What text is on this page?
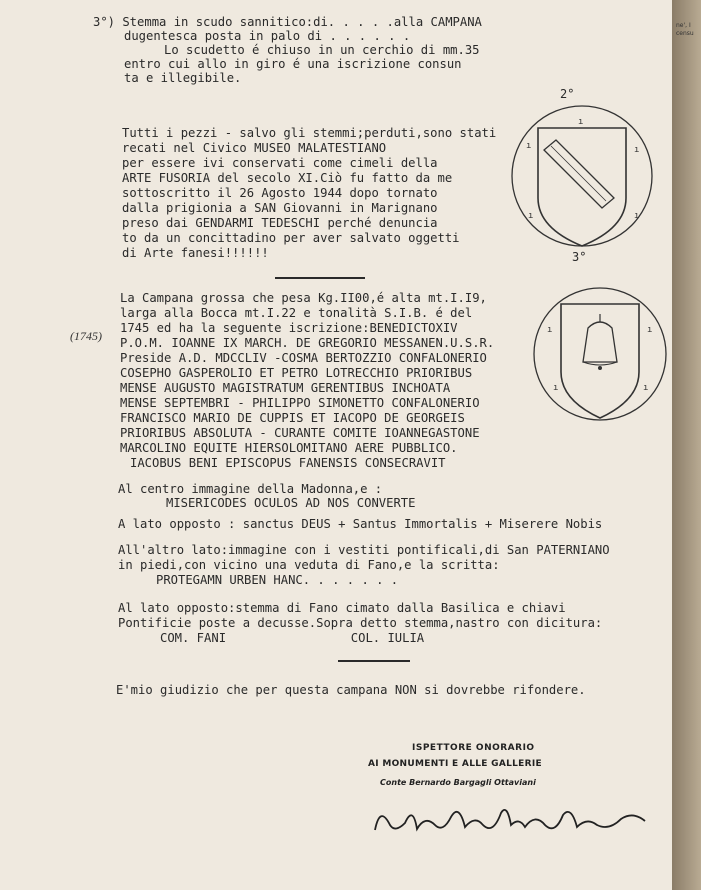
ne', I censu
3°) Stemma in scudo sannitico:di. . . . .alla CAMPANA
dugentesca posta in palo di . . . . . .
Lo scudetto é chiuso in un cerchio di mm.35
entro cui allo in giro é una iscrizione consun
ta e illegibile.
Tutti i pezzi - salvo gli stemmi;perduti,sono stati
recati nel Civico MUSEO MALATESTIANO
per essere ivi conservati come cimeli della
ARTE FUSORIA del secolo XI.Ciò fu fatto da me
sottoscritto il 26 Agosto 1944 dopo tornato
dalla prigionia a SAN Giovanni in Marignano
preso dai GENDARMI TEDESCHI perché denuncia
to da un concittadino per aver salvato oggetti
di Arte fanesi!!!!!!
ı
ı	ı
ı	ı
2°
3°
ı	ı
ı	ı
La Campana grossa che pesa Kg.II00,é alta mt.I.I9,
larga alla Bocca mt.I.22 e tonalità S.I.B. é del
1745 ed ha la seguente iscrizione:BENEDICTOXIV
P.O.M. IOANNE IX MARCH. DE GREGORIO MESSANEN.U.S.R.
Preside A.D. MDCCLIV -COSMA BERTOZZIO CONFALONERIO
COSEPHO GASPEROLIO ET PETRO LOTRECCHIO PRIORIBUS
MENSE AUGUSTO MAGISTRATUM GERENTIBUS INCHOATA
MENSE SEPTEMBRI - PHILIPPO SIMONETTO CONFALONERIO
FRANCISCO MARIO DE CUPPIS ET IACOPO DE GEORGEIS
PRIORIBUS ABSOLUTA - CURANTE COMITE IOANNEGASTONE
MARCOLINO EQUITE HIERSOLOMITANO AERE PUBBLICO.
IACOBUS BENI EPISCOPUS FANENSIS CONSECRAVIT
(1745)
Al centro immagine della Madonna,e :
MISERICODES OCULOS AD NOS CONVERTE
A lato opposto : sanctus DEUS + Santus Immortalis + Miserere Nobis
All'altro lato:immagine con i vestiti pontificali,di San PATERNIANO
in piedi,con vicino una veduta di Fano,e la scritta:
PROTEGAMN URBEN HANC. . . . . . .
Al lato opposto:stemma di Fano cimato dalla Basilica e chiavi
Pontificie poste a decusse.Sopra detto stemma,nastro con dicitura:
COM. FANI                 COL. IULIA
E'mio giudizio che per questa campana NON si dovrebbe rifondere.
ISPETTORE ONORARIO
AI MONUMENTI E ALLE GALLERIE
Conte Bernardo Bargagli Ottaviani
